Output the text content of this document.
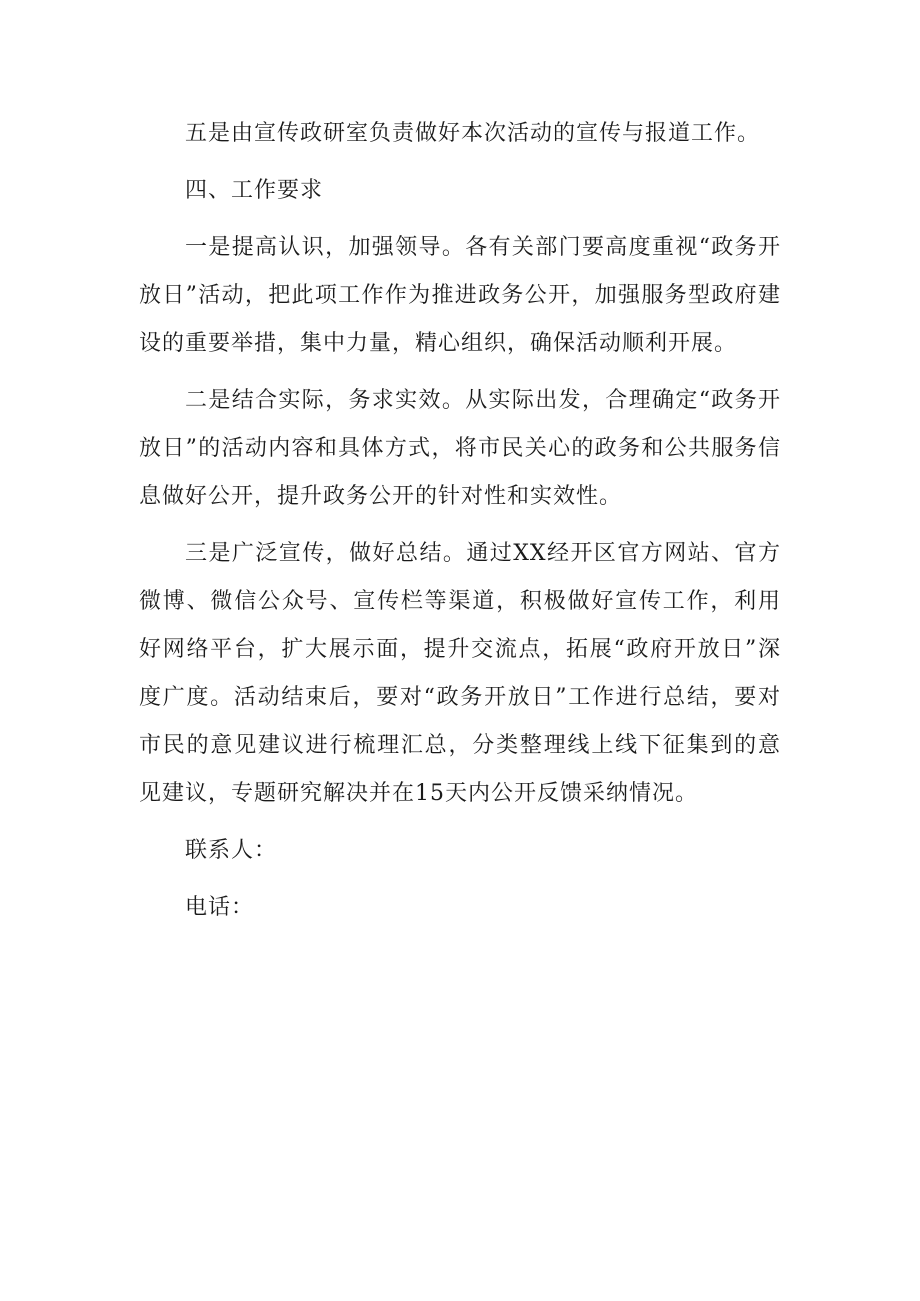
五是由宣传政研室负责做好本次活动的宣传与报道工作。

四、工作要求

一是提高认识，加强领导。各有关部门要高度重视“政务开放日”活动，把此项工作作为推进政务公开，加强服务型政府建设的重要举措，集中力量，精心组织，确保活动顺利开展。

二是结合实际，务求实效。从实际出发，合理确定“政务开放日”的活动内容和具体方式，将市民关心的政务和公共服务信息做好公开，提升政务公开的针对性和实效性。

三是广泛宣传，做好总结。通过XX经开区官方网站、官方微博、微信公众号、宣传栏等渠道，积极做好宣传工作，利用好网络平台，扩大展示面，提升交流点，拓展“政府开放日”深度广度。活动结束后，要对“政务开放日”工作进行总结，要对市民的意见建议进行梳理汇总，分类整理线上线下征集到的意见建议，专题研究解决并在15天内公开反馈采纳情况。

联系人：

电话：
